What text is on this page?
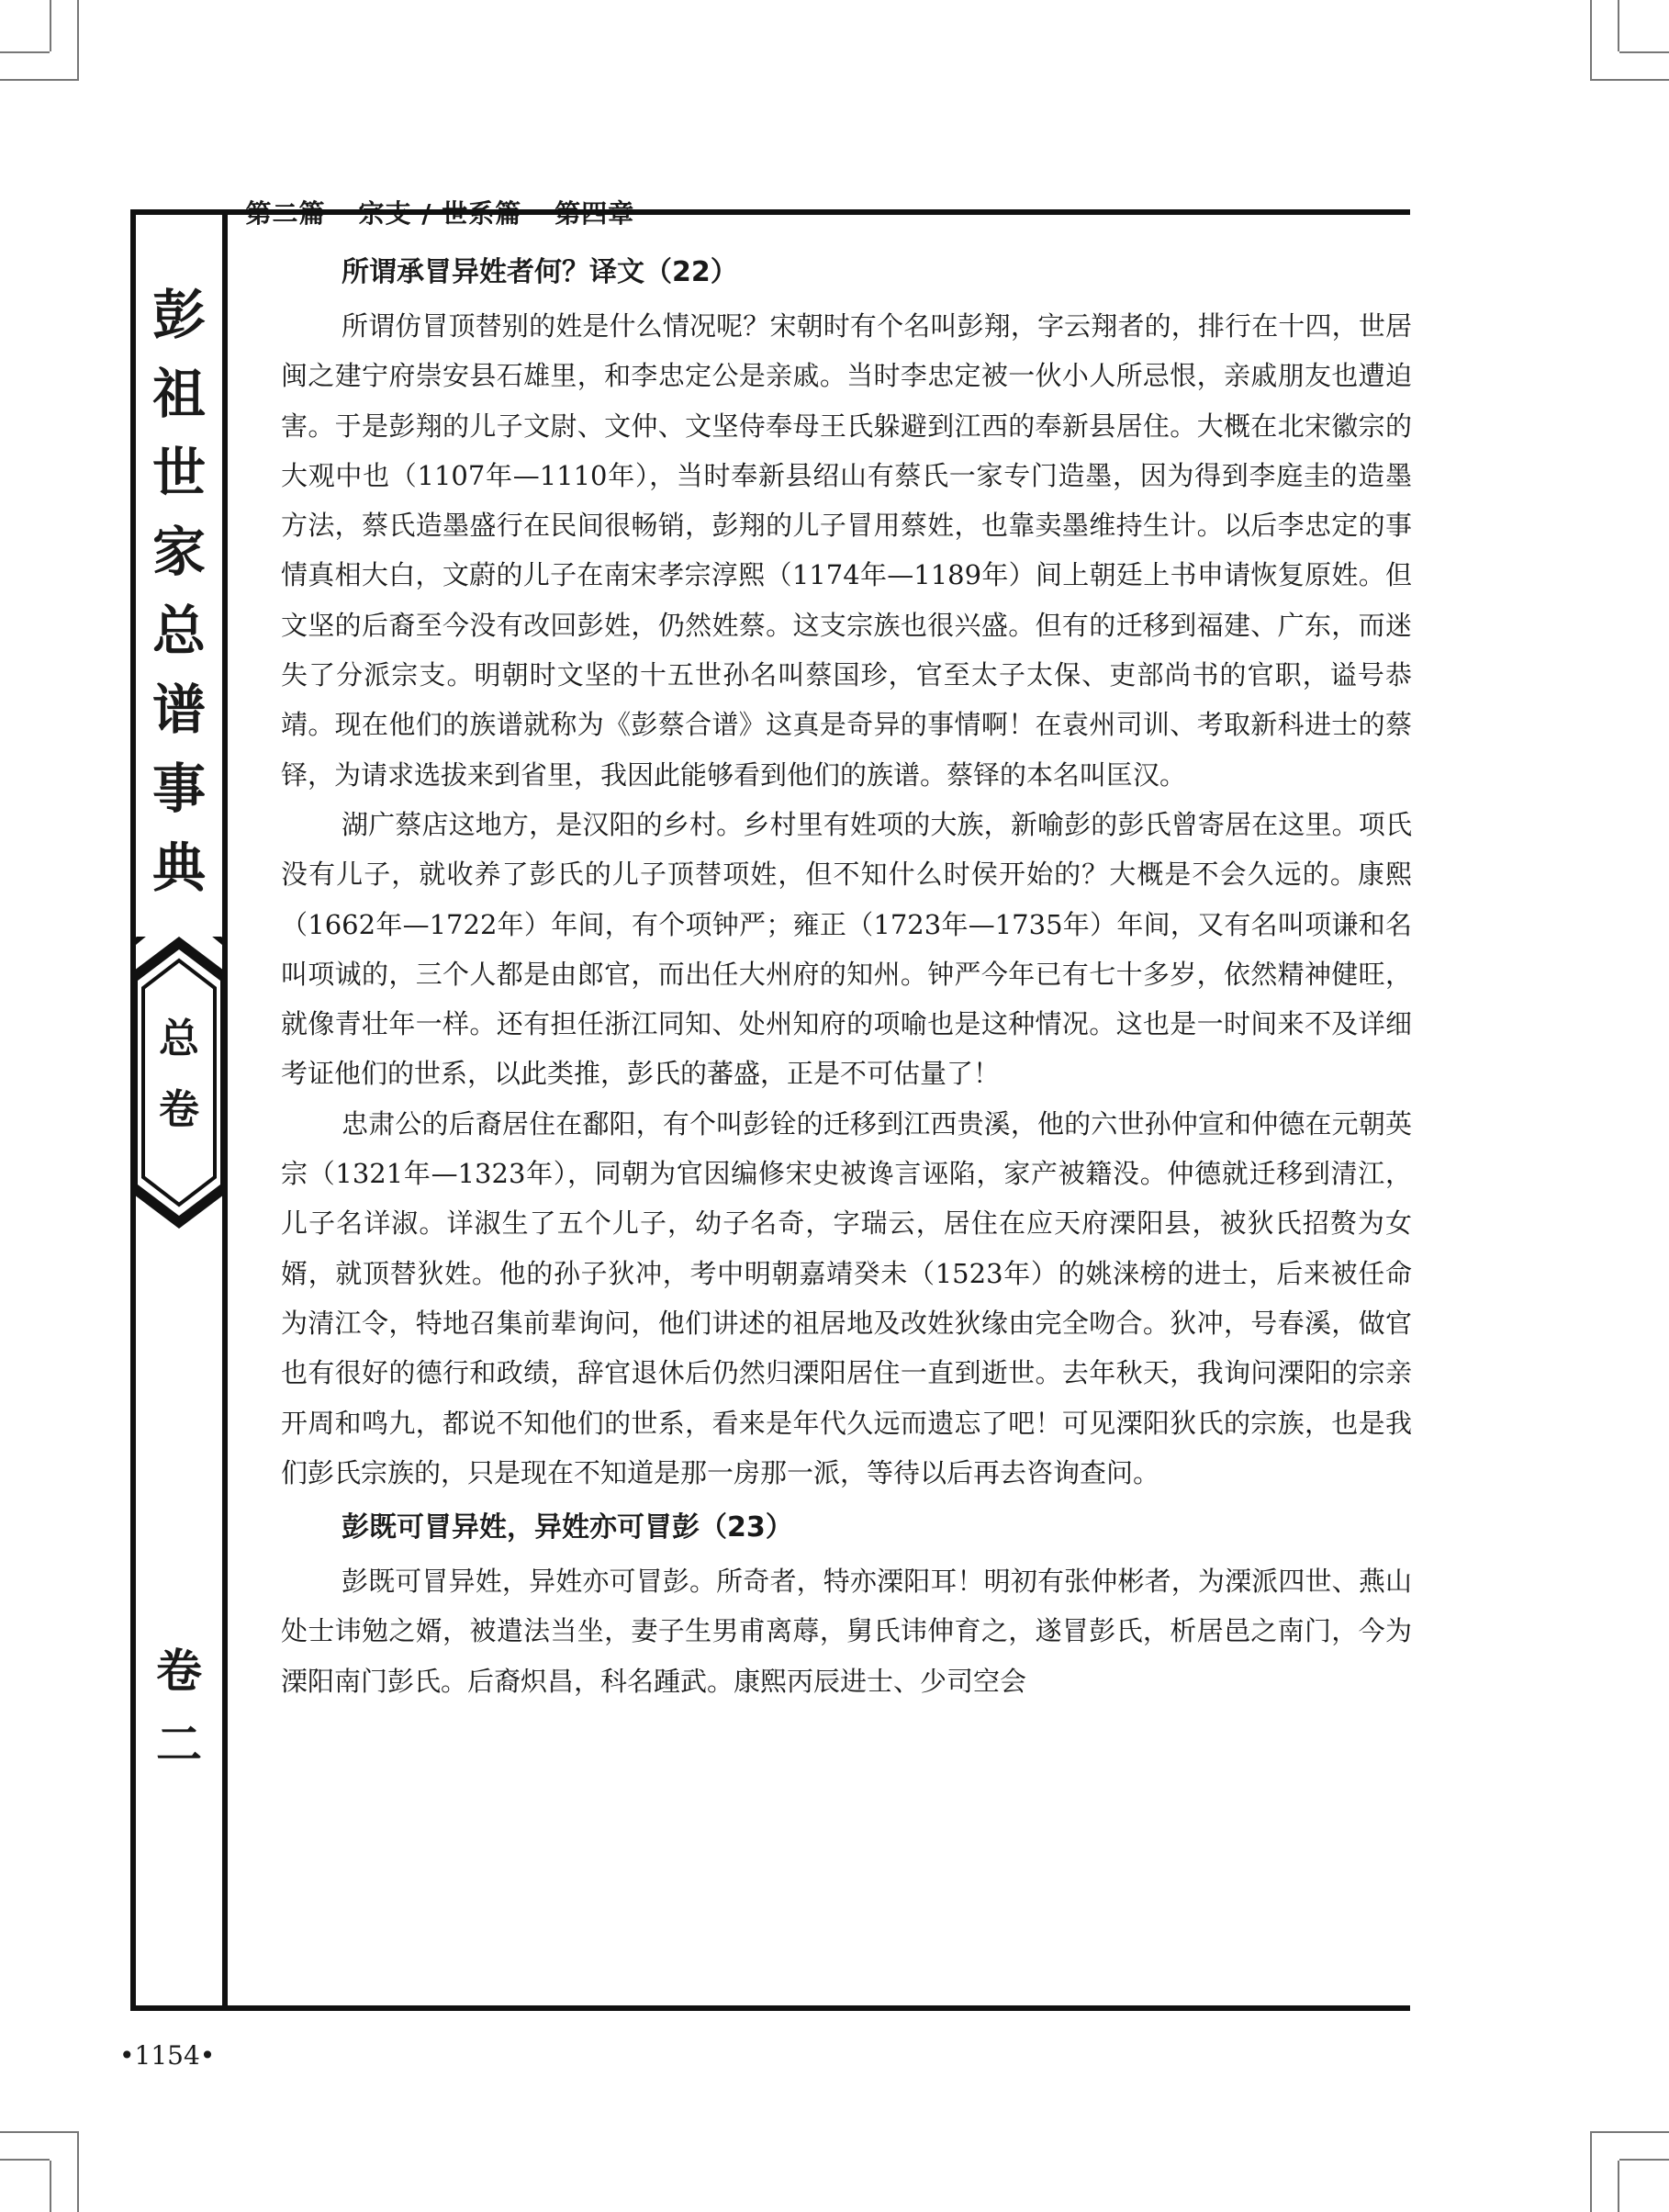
彭
祖
世
家
总
谱
事
典
总
卷
卷
二
所谓承冒异姓者何？译文（22）

所谓仿冒顶替别的姓是什么情况呢？宋朝时有个名叫彭翔，字云翔者的，排行在十四，世居闽之建宁府崇安县石雄里，和李忠定公是亲戚。当时李忠定被一伙小人所忌恨，亲戚朋友也遭迫害。于是彭翔的儿子文尉、文仲、文坚侍奉母王氏躲避到江西的奉新县居住。大概在北宋徽宗的大观中也（1107年—1110年），当时奉新县绍山有蔡氏一家专门造墨，因为得到李庭圭的造墨方法，蔡氏造墨盛行在民间很畅销，彭翔的儿子冒用蔡姓，也靠卖墨维持生计。以后李忠定的事情真相大白，文蔚的儿子在南宋孝宗淳熙（1174年—1189年）间上朝廷上书申请恢复原姓。但文坚的后裔至今没有改回彭姓，仍然姓蔡。这支宗族也很兴盛。但有的迁移到福建、广东，而迷失了分派宗支。明朝时文坚的十五世孙名叫蔡国珍，官至太子太保、吏部尚书的官职，谥号恭靖。现在他们的族谱就称为《彭蔡合谱》这真是奇异的事情啊！在袁州司训、考取新科进士的蔡铎，为请求选拔来到省里，我因此能够看到他们的族谱。蔡铎的本名叫匡汉。

湖广蔡店这地方，是汉阳的乡村。乡村里有姓项的大族，新喻彭的彭氏曾寄居在这里。项氏没有儿子，就收养了彭氏的儿子顶替项姓，但不知什么时侯开始的？大概是不会久远的。康熙（1662年—1722年）年间，有个项钟严；雍正（1723年—1735年）年间，又有名叫项谦和名叫项诚的，三个人都是由郎官，而出任大州府的知州。钟严今年已有七十多岁，依然精神健旺，就像青壮年一样。还有担任浙江同知、处州知府的项喻也是这种情况。这也是一时间来不及详细考证他们的世系，以此类推，彭氏的蕃盛，正是不可估量了！

忠肃公的后裔居住在鄱阳，有个叫彭铨的迁移到江西贵溪，他的六世孙仲宣和仲德在元朝英宗（1321年—1323年），同朝为官因编修宋史被谗言诬陷，家产被籍没。仲德就迁移到清江，儿子名详淑。详淑生了五个儿子，幼子名奇，字瑞云，居住在应天府溧阳县，被狄氏招赘为女婿，就顶替狄姓。他的孙子狄冲，考中明朝嘉靖癸未（1523年）的姚涞榜的进士，后来被任命为清江令，特地召集前辈询问，他们讲述的祖居地及改姓狄缘由完全吻合。狄冲，号春溪，做官也有很好的德行和政绩，辞官退休后仍然归溧阳居住一直到逝世。去年秋天，我询问溧阳的宗亲开周和鸣九，都说不知他们的世系，看来是年代久远而遗忘了吧！可见溧阳狄氏的宗族，也是我们彭氏宗族的，只是现在不知道是那一房那一派，等待以后再去咨询查问。

彭既可冒异姓，异姓亦可冒彭（23）

彭既可冒异姓，异姓亦可冒彭。所奇者，特亦溧阳耳！明初有张仲彬者，为溧派四世、燕山处士讳勉之婿，被遣法当坐，妻子生男甫离蓐，舅氏讳伸育之，遂冒彭氏，析居邑之南门，今为溧阳南门彭氏。后裔炽昌，科名踵武。康熙丙辰进士、少司空会

•1154•
